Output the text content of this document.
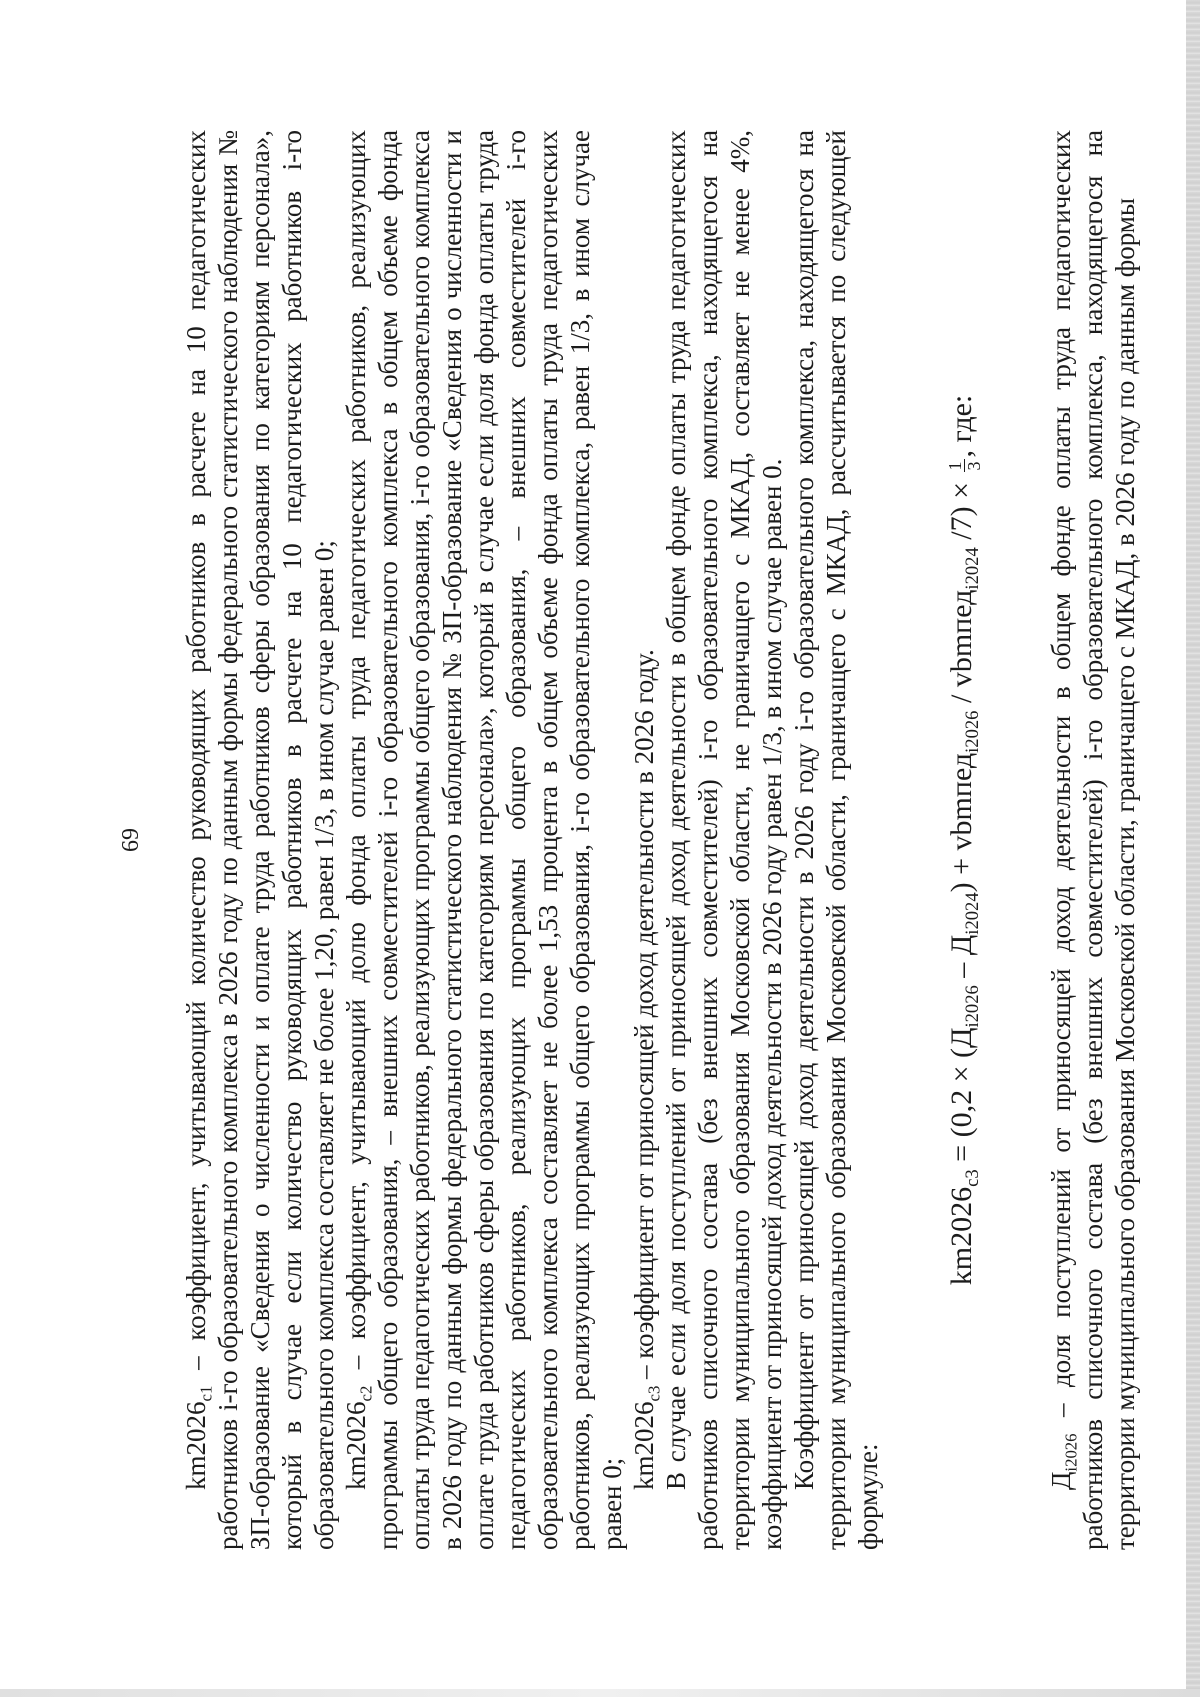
69

$km2026_{с1}$ – коэффициент, учитывающий количество руководящих работников в расчете на 10 педагогических работников i-го образовательного комплекса в 2026 году по данным формы федерального статистического наблюдения № ЗП-образование «Сведения о численности и оплате труда работников сферы образования по категориям персонала», который в случае если количество руководящих работников в расчете на 10 педагогических работников i-го образовательного комплекса составляет не более 1,20, равен 1/3, в ином случае равен 0; $km2026_{с2}$ – коэффициент, учитывающий долю фонда оплаты труда педагогических работников, реализующих программы общего образования, – внешних совместителей i-го образовательного комплекса в общем объеме фонда оплаты труда педагогических работников, реализующих программы общего образования, i-го образовательного комплекса в 2026 году по данным формы федерального статистического наблюдения № ЗП-образование «Сведения о численности и оплате труда работников сферы образования по категориям персонала», который в случае если доля фонда оплаты труда педагогических работников, реализующих программы общего образования, – внешних совместителей i-го образовательного комплекса составляет не более 1,53 процента в общем объеме фонда оплаты труда педагогических работников, реализующих программы общего образования, i-го образовательного комплекса, равен 1/3, в ином случае равен 0;

$km2026_{с3}$ – коэффициент от приносящей доход деятельности в 2026 году. В случае если доля поступлений от приносящей доход деятельности в общем фонде оплаты труда педагогических работников списочного состава (без внешних совместителей) i-го образовательного комплекса, находящегося на территории муниципального образования Московской области, не граничащего с МКАД, составляет не менее 4%, коэффициент от приносящей доход деятельности в 2026 году равен 1/3, в ином случае равен 0. Коэффициент от приносящей доход деятельности в 2026 году i-го образовательного комплекса, находящегося на территории муниципального образования Московской области, граничащего с МКАД, рассчитывается по следующей формуле:

$km2026_{с3} = (0,2 \times (Д_{i2026} - Д_{i2024})$ + vbmпед$_{i2026}$ / vbmпед$_{i2024}$ /7) ×
1 3
, где:

$Д_{i2026}$ – доля поступлений от приносящей доход деятельности в общем фонде оплаты труда педагогических работников списочного состава (без внешних совместителей) i-го образовательного комплекса, находящегося на территории муниципального образования Московской области, граничащего с МКАД, в 2026 году по данным формы
